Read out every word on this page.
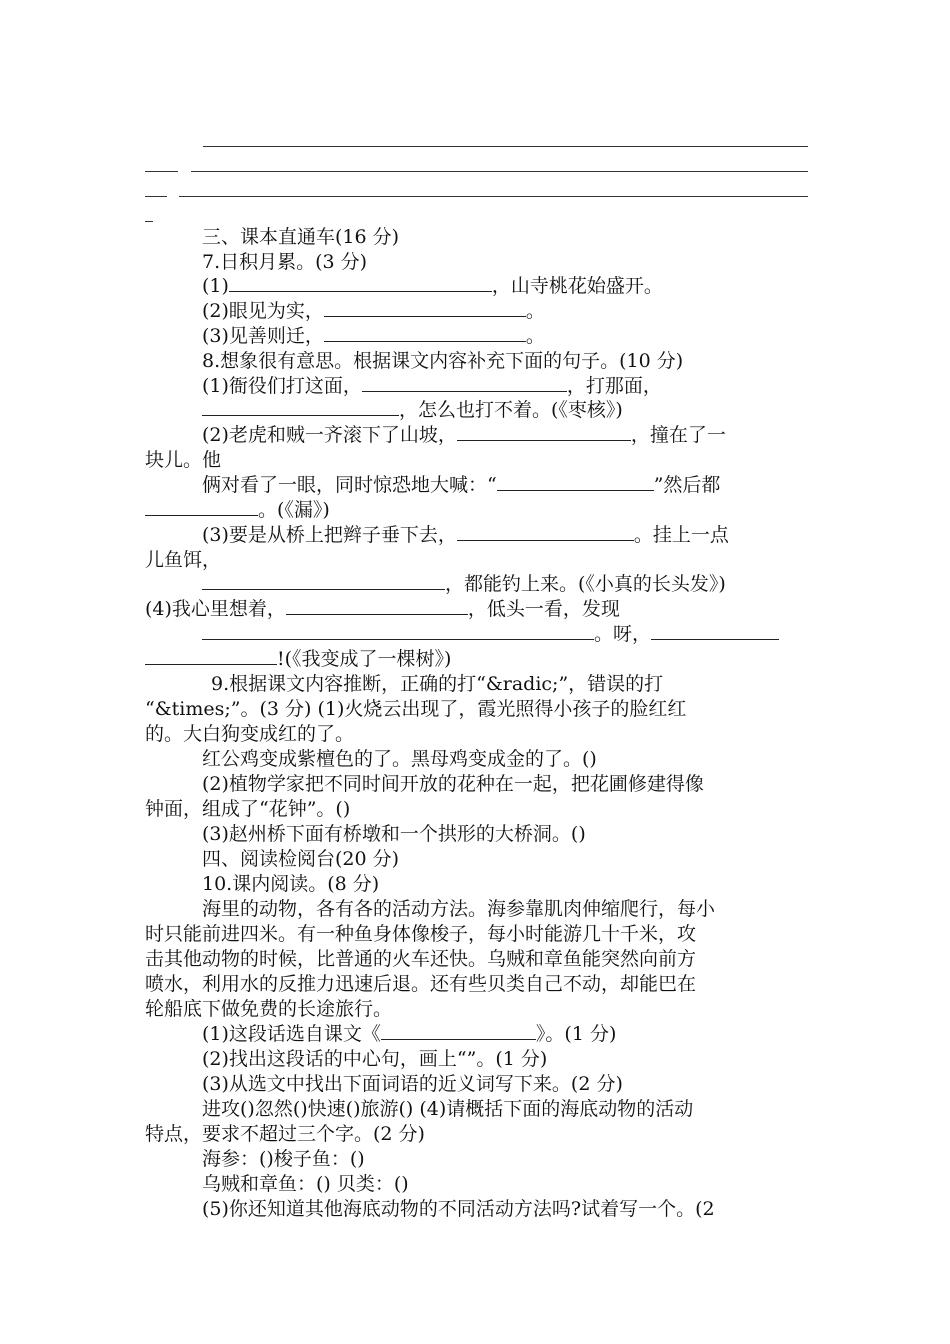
三、课本直通车(16 分)
7.日积月累。(3 分)
(1)	，山寺桃花始盛开。
(2)眼见为实，	。
(3)见善则迁，	。
8.想象很有意思。根据课文内容补充下面的句子。(10 分)
(1)衙役们打这面，	，打那面，
，怎么也打不着。(《枣核》)
(2)老虎和贼一齐滚下了山坡，	，撞在了一
块儿。他
俩对看了一眼，同时惊恐地大喊：“	”然后都
。(《漏》)
(3)要是从桥上把辫子垂下去，	。挂上一点
儿鱼饵，
，都能钓上来。(《小真的长头发》)
(4)我心里想着，	，低头一看，发现
。呀，
!(《我变成了一棵树》)
9.根据课文内容推断，正确的打“&radic;”，错误的打
“&times;”。(3 分) (1)火烧云出现了，霞光照得小孩子的脸红红
的。大白狗变成红的了。
红公鸡变成紫檀色的了。黑母鸡变成金的了。()
(2)植物学家把不同时间开放的花种在一起，把花圃修建得像
钟面，组成了“花钟”。()
(3)赵州桥下面有桥墩和一个拱形的大桥洞。()
四、阅读检阅台(20 分)
10.课内阅读。(8 分)
海里的动物，各有各的活动方法。海参靠肌肉伸缩爬行，每小
时只能前进四米。有一种鱼身体像梭子，每小时能游几十千米，攻
击其他动物的时候，比普通的火车还快。乌贼和章鱼能突然向前方
喷水，利用水的反推力迅速后退。还有些贝类自己不动，却能巴在
轮船底下做免费的长途旅行。
(1)这段话选自课文《	》。(1 分)
(2)找出这段话的中心句，画上“”。(1 分)
(3)从选文中找出下面词语的近义词写下来。(2 分)
进攻()忽然()快速()旅游() (4)请概括下面的海底动物的活动
特点，要求不超过三个字。(2 分)
海参：()梭子鱼：()
乌贼和章鱼：() 贝类：()
(5)你还知道其他海底动物的不同活动方法吗?试着写一个。(2
